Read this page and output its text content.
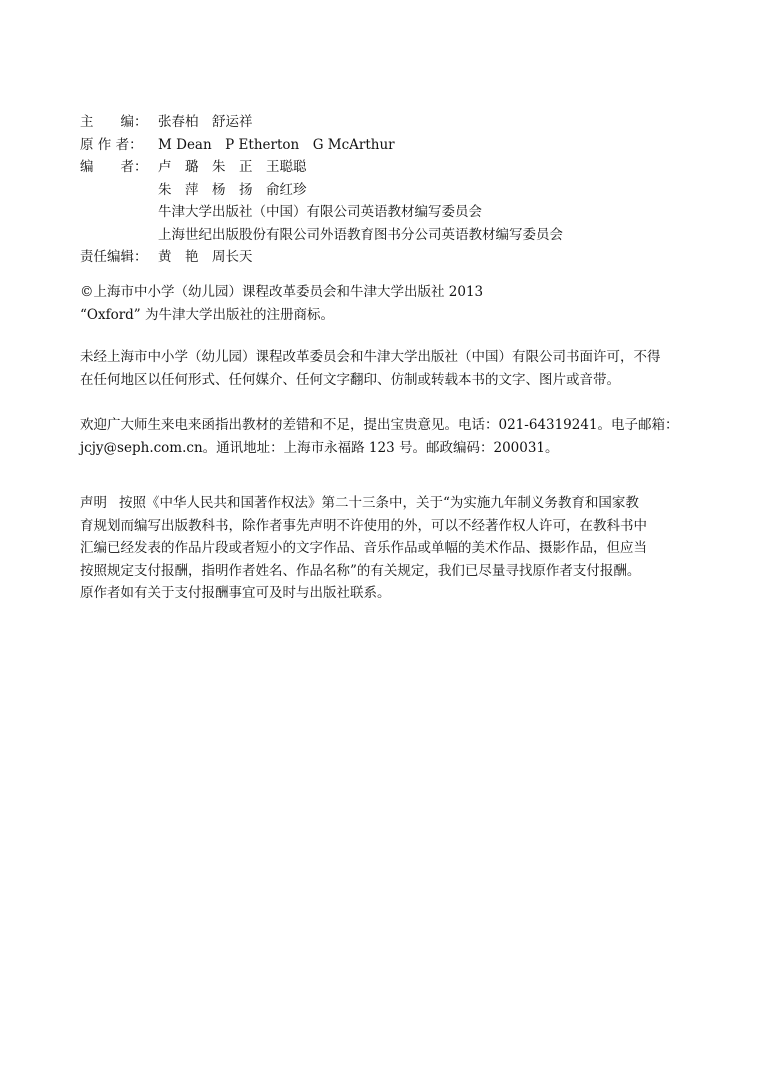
主　　编： 张春柏　舒运祥
原 作 者：	M Dean　P Etherton　G McArthur
编　　者： 卢　璐　朱　正　王聪聪
朱　萍　杨　扬　俞红珍
牛津大学出版社（中国）有限公司英语教材编写委员会
上海世纪出版股份有限公司外语教育图书分公司英语教材编写委员会
责任编辑： 黄　艳　周长天

©上海市中小学（幼儿园）课程改革委员会和牛津大学出版社 2013

“Oxford” 为牛津大学出版社的注册商标。

未经上海市中小学（幼儿园）课程改革委员会和牛津大学出版社（中国）有限公司书面许可，不得

在任何地区以任何形式、任何媒介、任何文字翻印、仿制或转载本书的文字、图片或音带。

欢迎广大师生来电来函指出教材的差错和不足，提出宝贵意见。电话：021-64319241。电子邮箱：

jcjy@seph.com.cn。通讯地址：上海市永福路 123 号。邮政编码：200031。

声明 按照《中华人民共和国著作权法》第二十三条中，关于“为实施九年制义务教育和国家教

育规划而编写出版教科书，除作者事先声明不许使用的外，可以不经著作权人许可，在教科书中

汇编已经发表的作品片段或者短小的文字作品、音乐作品或单幅的美术作品、摄影作品，但应当

按照规定支付报酬，指明作者姓名、作品名称”的有关规定，我们已尽量寻找原作者支付报酬。

原作者如有关于支付报酬事宜可及时与出版社联系。
